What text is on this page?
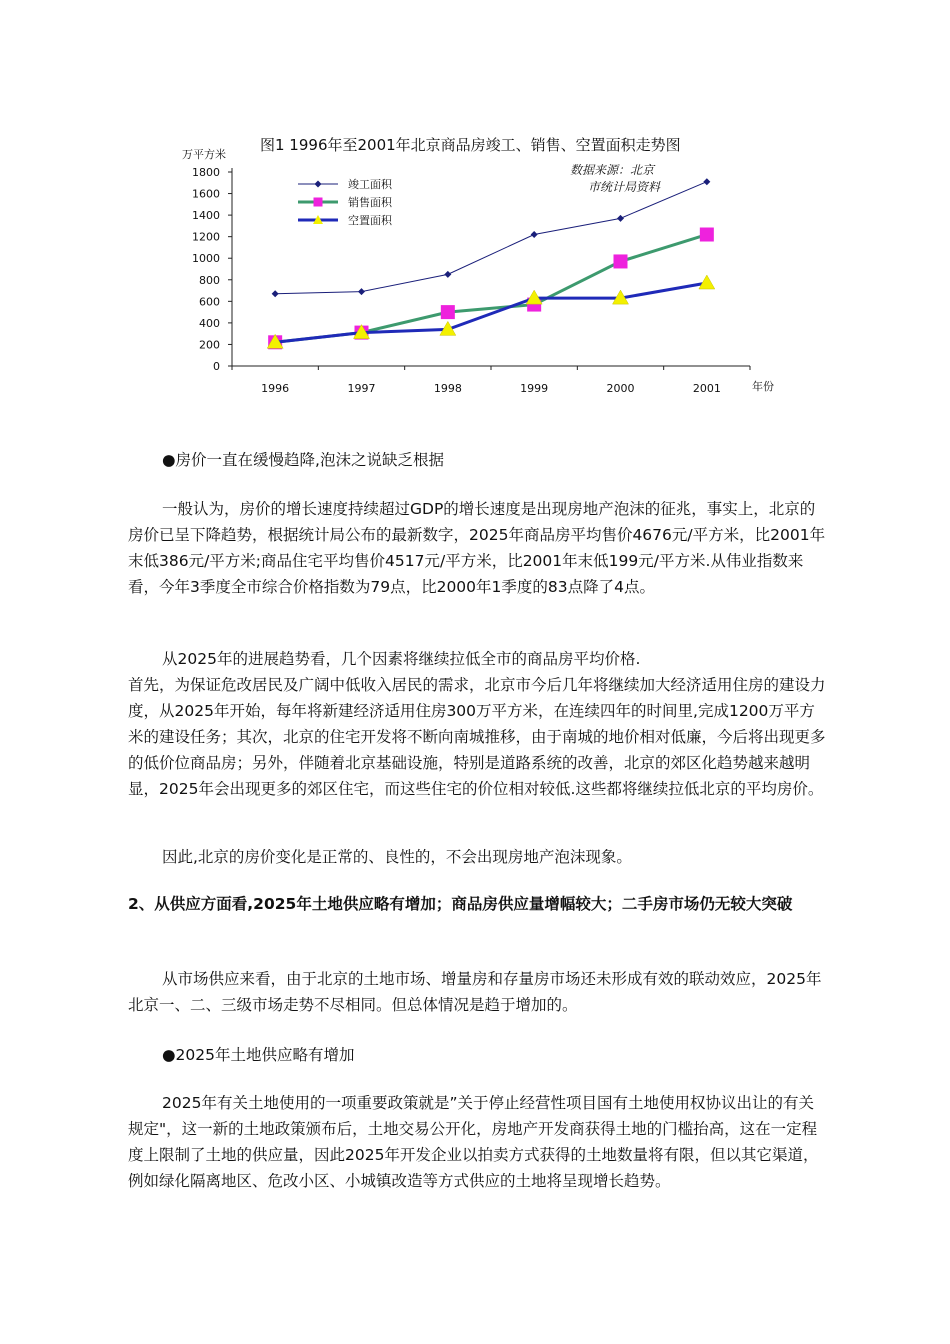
图1 1996年至2001年北京商品房竣工、销售、空置面积走势图
万平方米
数据来源：北京
市统计局资料
年份
1800
1600
1400
1200
1000
800
600
400
200
0
1996	1997	1998	1999	2000	2001
竣工面积
销售面积
空置面积

●房价一直在缓慢趋降,泡沫之说缺乏根据

一般认为，房价的增长速度持续超过GDP的增长速度是出现房地产泡沫的征兆，事实上，北京的房价已呈下降趋势，根据统计局公布的最新数字，2025年商品房平均售价4676元/平方米，比2001年末低386元/平方米;商品住宅平均售价4517元/平方米，比2001年末低199元/平方米.从伟业指数来看，今年3季度全市综合价格指数为79点，比2000年1季度的83点降了4点。

从2025年的进展趋势看，几个因素将继续拉低全市的商品房平均价格.

首先，为保证危改居民及广阔中低收入居民的需求，北京市今后几年将继续加大经济适用住房的建设力度，从2025年开始，每年将新建经济适用住房300万平方米，在连续四年的时间里,完成1200万平方米的建设任务；其次，北京的住宅开发将不断向南城推移，由于南城的地价相对低廉，今后将出现更多的低价位商品房；另外，伴随着北京基础设施，特别是道路系统的改善，北京的郊区化趋势越来越明显，2025年会出现更多的郊区住宅，而这些住宅的价位相对较低.这些都将继续拉低北京的平均房价。

因此,北京的房价变化是正常的、良性的，不会出现房地产泡沫现象。

2、从供应方面看,2025年土地供应略有增加；商品房供应量增幅较大；二手房市场仍无较大突破

从市场供应来看，由于北京的土地市场、增量房和存量房市场还未形成有效的联动效应，2025年北京一、二、三级市场走势不尽相同。但总体情况是趋于增加的。

●2025年土地供应略有增加

2025年有关土地使用的一项重要政策就是”关于停止经营性项目国有土地使用权协议出让的有关规定"，这一新的土地政策颁布后，土地交易公开化，房地产开发商获得土地的门槛抬高，这在一定程度上限制了土地的供应量，因此2025年开发企业以拍卖方式获得的土地数量将有限，但以其它渠道，例如绿化隔离地区、危改小区、小城镇改造等方式供应的土地将呈现增长趋势。
